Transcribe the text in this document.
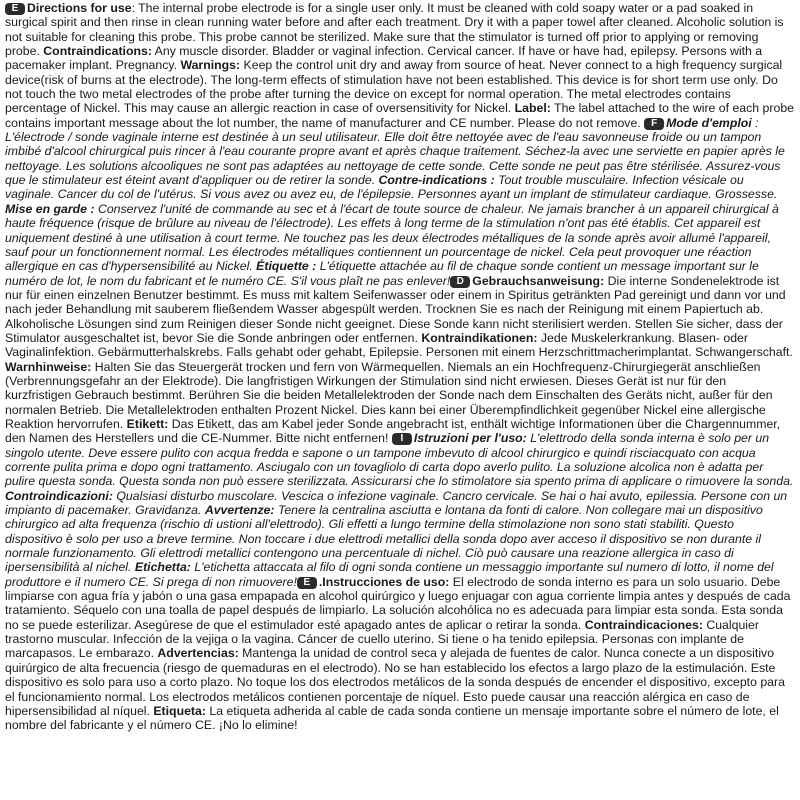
E Directions for use: The internal probe electrode is for a single user only. It must be cleaned with cold soapy water or a pad soaked in surgical spirit and then rinse in clean running water before and after each treatment. Dry it with a paper towel after cleaned. Alcoholic solution is not suitable for cleaning this probe. This probe cannot be sterilized. Make sure that the stimulator is turned off prior to applying or removing probe. Contraindications: Any muscle disorder. Bladder or vaginal infection. Cervical cancer. If have or have had, epilepsy. Persons with a pacemaker implant. Pregnancy. Warnings: Keep the control unit dry and away from source of heat. Never connect to a high frequency surgical device(risk of burns at the electrode). The long-term effects of stimulation have not been established. This device is for short term use only. Do not touch the two metal electrodes of the probe after turning the device on except for normal operation. The metal electrodes contains percentage of Nickel. This may cause an allergic reaction in case of oversensitivity for Nickel. Label: The label attached to the wire of each probe contains important message about the lot number, the name of manufacturer and CE number. Please do not remove. F Mode d'emploi : L'électrode / sonde vaginale interne est destinée à un seul utilisateur. Elle doit être nettoyée avec de l'eau savonneuse froide ou un tampon imbibé d'alcool chirurgical puis rincer à l'eau courante propre avant et après chaque traitement. Séchez-la avec une serviette en papier après le nettoyage. Les solutions alcooliques ne sont pas adaptées au nettoyage de cette sonde. Cette sonde ne peut pas être stérilisée. Assurez-vous que le stimulateur est éteint avant d'appliquer ou de retirer la sonde. Contre-indications : Tout trouble musculaire. Infection vésicale ou vaginale. Cancer du col de l'utérus. Si vous avez ou avez eu, de l'épilepsie. Personnes ayant un implant de stimulateur cardiaque. Grossesse. Mise en garde : Conservez l'unité de commande au sec et à l'écart de toute source de chaleur. Ne jamais brancher à un appareil chirurgical à haute fréquence (risque de brûlure au niveau de l'électrode). Les effets à long terme de la stimulation n'ont pas été établis. Cet appareil est uniquement destiné à une utilisation à court terme. Ne touchez pas les deux électrodes métalliques de la sonde après avoir allumé l'appareil, sauf pour un fonctionnement normal. Les électrodes métalliques contiennent un pourcentage de nickel. Cela peut provoquer une réaction allergique en cas d'hypersensibilité au Nickel. Étiquette : L'étiquette attachée au fil de chaque sonde contient un message important sur le numéro de lot, le nom du fabricant et le numéro CE. S'il vous plaît ne pas enlever! D Gebrauchsanweisung: Die interne Sondenelektrode ist nur für einen einzelnen Benutzer bestimmt. Es muss mit kaltem Seifenwasser oder einem in Spiritus getränkten Pad gereinigt und dann vor und nach jeder Behandlung mit sauberem fließendem Wasser abgespült werden. Trocknen Sie es nach der Reinigung mit einem Papiertuch ab. Alkoholische Lösungen sind zum Reinigen dieser Sonde nicht geeignet. Diese Sonde kann nicht sterilisiert werden. Stellen Sie sicher, dass der Stimulator ausgeschaltet ist, bevor Sie die Sonde anbringen oder entfernen. Kontraindikationen: Jede Muskelerkrankung. Blasen- oder Vaginalinfektion. Gebärmutterhalskrebs. Falls gehabt oder gehabt, Epilepsie. Personen mit einem Herzschrittmacherimplantat. Schwangerschaft. Warnhinweise: Halten Sie das Steuergerät trocken und fern von Wärmequellen. Niemals an ein Hochfrequenz-Chirurgiegerät anschließen (Verbrennungsgefahr an der Elektrode). Die langfristigen Wirkungen der Stimulation sind nicht erwiesen. Dieses Gerät ist nur für den kurzfristigen Gebrauch bestimmt. Berühren Sie die beiden Metallelektroden der Sonde nach dem Einschalten des Geräts nicht, außer für den normalen Betrieb. Die Metallelektroden enthalten Prozent Nickel. Dies kann bei einer Überempfindlichkeit gegenüber Nickel eine allergische Reaktion hervorrufen. Etikett: Das Etikett, das am Kabel jeder Sonde angebracht ist, enthält wichtige Informationen über die Chargennummer, den Namen des Herstellers und die CE-Nummer. Bitte nicht entfernen! I Istruzioni per l'uso: L'elettrodo della sonda interna è solo per un singolo utente. Deve essere pulito con acqua fredda e sapone o un tampone imbevuto di alcool chirurgico e quindi risciacquato con acqua corrente pulita prima e dopo ogni trattamento. Asciugalo con un tovagliolo di carta dopo averlo pulito. La soluzione alcolica non è adatta per pulire questa sonda. Questa sonda non può essere sterilizzata. Assicurarsi che lo stimolatore sia spento prima di applicare o rimuovere la sonda. Controindicazioni: Qualsiasi disturbo muscolare. Vescica o infezione vaginale. Cancro cervicale. Se hai o hai avuto, epilessia. Persone con un impianto di pacemaker. Gravidanza. Avvertenze: Tenere la centralina asciutta e lontana da fonti di calore. Non collegare mai un dispositivo chirurgico ad alta frequenza (rischio di ustioni all'elettrodo). Gli effetti a lungo termine della stimolazione non sono stati stabiliti. Questo dispositivo è solo per uso a breve termine. Non toccare i due elettrodi metallici della sonda dopo aver acceso il dispositivo se non durante il normale funzionamento. Gli elettrodi metallici contengono una percentuale di nichel. Ciò può causare una reazione allergica in caso di ipersensibilità al nichel. Etichetta: L'etichetta attaccata al filo di ogni sonda contiene un messaggio importante sul numero di lotto, il nome del produttore e il numero CE. Si prega di non rimuovere! E .Instrucciones de uso: El electrodo de sonda interno es para un solo usuario. Debe limpiarse con agua fría y jabón o una gasa empapada en alcohol quirúrgico y luego enjuagar con agua corriente limpia antes y después de cada tratamiento. Séquelo con una toalla de papel después de limpiarlo. La solución alcohólica no es adecuada para limpiar esta sonda. Esta sonda no se puede esterilizar. Asegúrese de que el estimulador esté apagado antes de aplicar o retirar la sonda. Contraindicaciones: Cualquier trastorno muscular. Infección de la vejiga o la vagina. Cáncer de cuello uterino. Si tiene o ha tenido epilepsia. Personas con implante de marcapasos. Le embarazo. Advertencias: Mantenga la unidad de control seca y alejada de fuentes de calor. Nunca conecte a un dispositivo quirúrgico de alta frecuencia (riesgo de quemaduras en el electrodo). No se han establecido los efectos a largo plazo de la estimulación. Este dispositivo es solo para uso a corto plazo. No toque los dos electrodos metálicos de la sonda después de encender el dispositivo, excepto para el funcionamiento normal. Los electrodos metálicos contienen porcentaje de níquel. Esto puede causar una reacción alérgica en caso de hipersensibilidad al níquel. Etiqueta: La etiqueta adherida al cable de cada sonda contiene un mensaje importante sobre el número de lote, el nombre del fabricante y el número CE. ¡No lo elimine!
